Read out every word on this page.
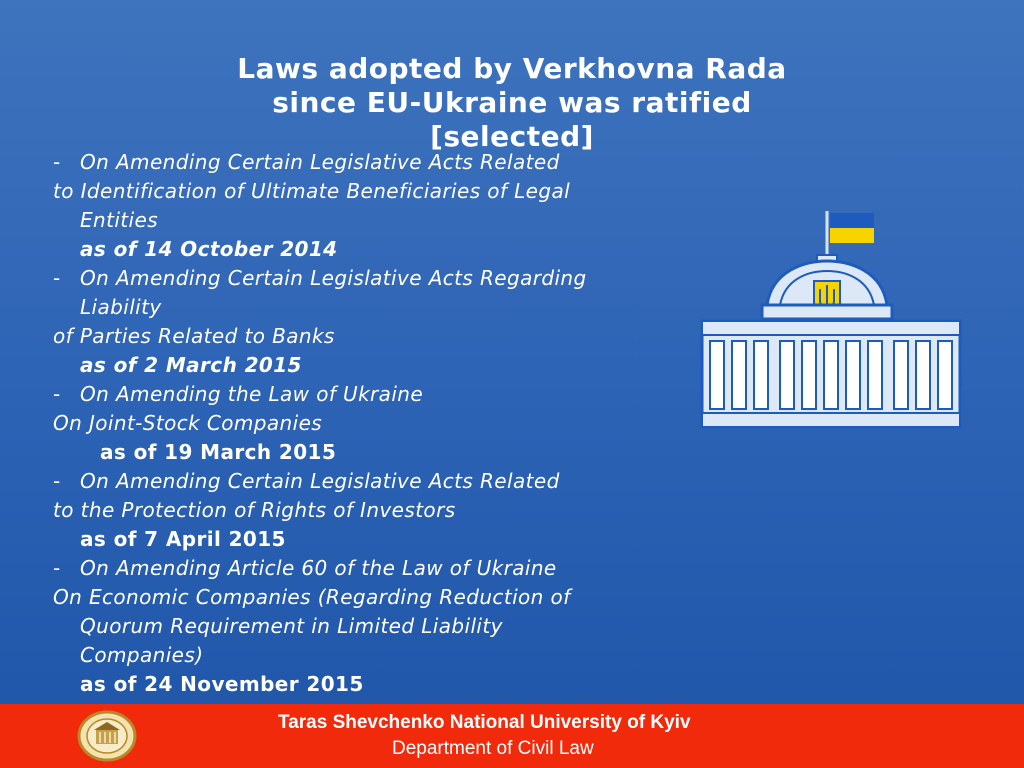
Laws adopted by Verkhovna Rada
since EU-Ukraine was ratified
[selected]
- On Amending Certain Legislative Acts Related
to Identification of Ultimate Beneficiaries of Legal
Entities
as of 14 October 2014
- On Amending Certain Legislative Acts Regarding
Liability
of Parties Related to Banks
as of 2 March 2015
- On Amending the Law of Ukraine
On Joint-Stock Companies
as of 19 March 2015
- On Amending Certain Legislative Acts Related
to the Protection of Rights of Investors
as of 7 April 2015
- On Amending Article 60 of the Law of Ukraine
On Economic Companies (Regarding Reduction of
Quorum Requirement in Limited Liability
Companies)
as of 24 November 2015
Taras Shevchenko National University of Kyiv
Department of Civil Law
